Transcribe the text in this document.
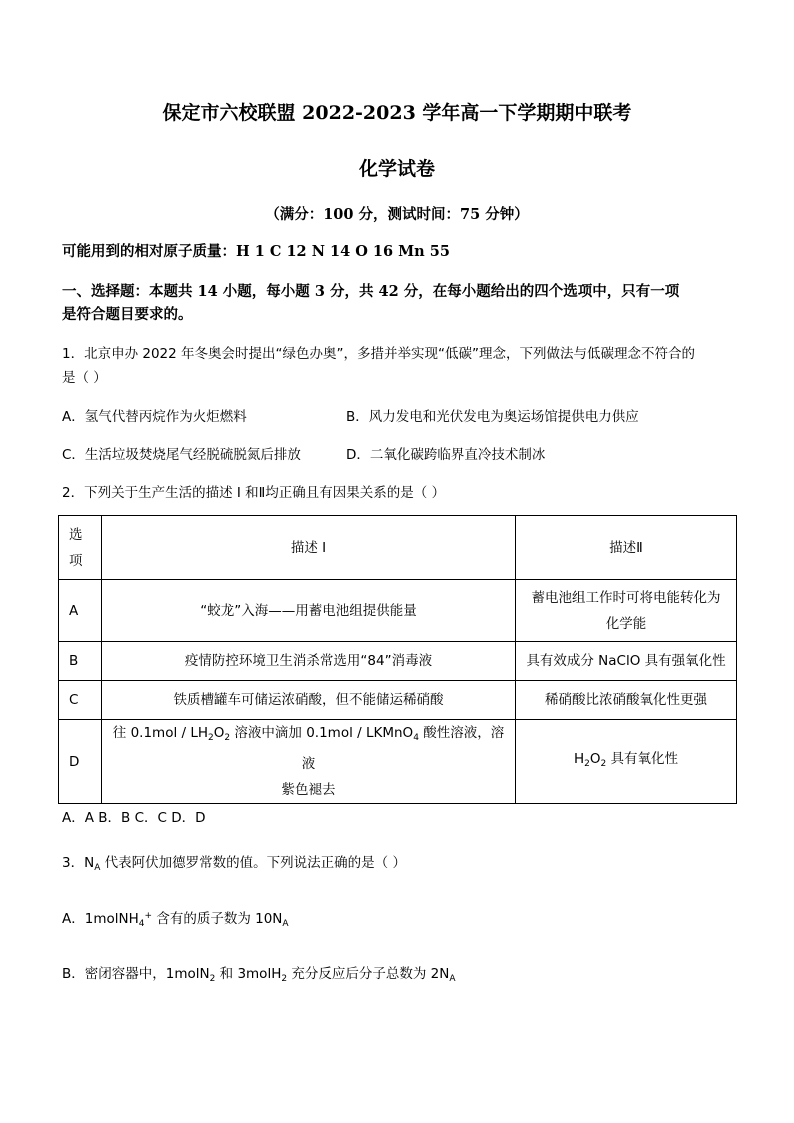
保定市六校联盟 2022-2023 学年高一下学期期中联考
化学试卷
（满分：100 分，测试时间：75 分钟）
可能用到的相对原子质量：H 1 C 12 N 14 O 16 Mn 55
一、选择题：本题共 14 小题，每小题 3 分，共 42 分，在每小题给出的四个选项中，只有一项
是符合题目要求的。
1．北京申办 2022 年冬奥会时提出“绿色办奥”，多措并举实现“低碳”理念，下列做法与低碳理念不符合的
是（ ）
A．氢气代替丙烷作为火炬燃料	B．风力发电和光伏发电为奥运场馆提供电力供应
C．生活垃圾焚烧尾气经脱硫脱氮后排放	D．二氧化碳跨临界直冷技术制冰
2．下列关于生产生活的描述 I 和Ⅱ均正确且有因果关系的是（ ）
选
项	描述 I	描述Ⅱ
A	“蛟龙”入海——用蓄电池组提供能量	蓄电池组工作时可将电能转化为
化学能
B	疫情防控环境卫生消杀常选用“84”消毒液	具有效成分 NaClO 具有强氧化性
C	铁质槽罐车可储运浓硝酸，但不能储运稀硝酸	稀硝酸比浓硝酸氧化性更强
D	往 $0.1mol / LH_2O_2$ 溶液中滴加 0.1mol / LKMnO$_4$ 酸性溶液，溶液
紫色褪去	$H_2O_2$ 具有氧化性
A．A B．B C．C D．D
3．$N_A$ 代表阿伏加德罗常数的值。下列说法正确的是（ ）
A．1molNH$_4$+ 含有的质子数为 $10N_A$
B．密闭容器中，1molN$_2$ 和 3molH$_2$ 充分反应后分子总数为 $2N_A$
